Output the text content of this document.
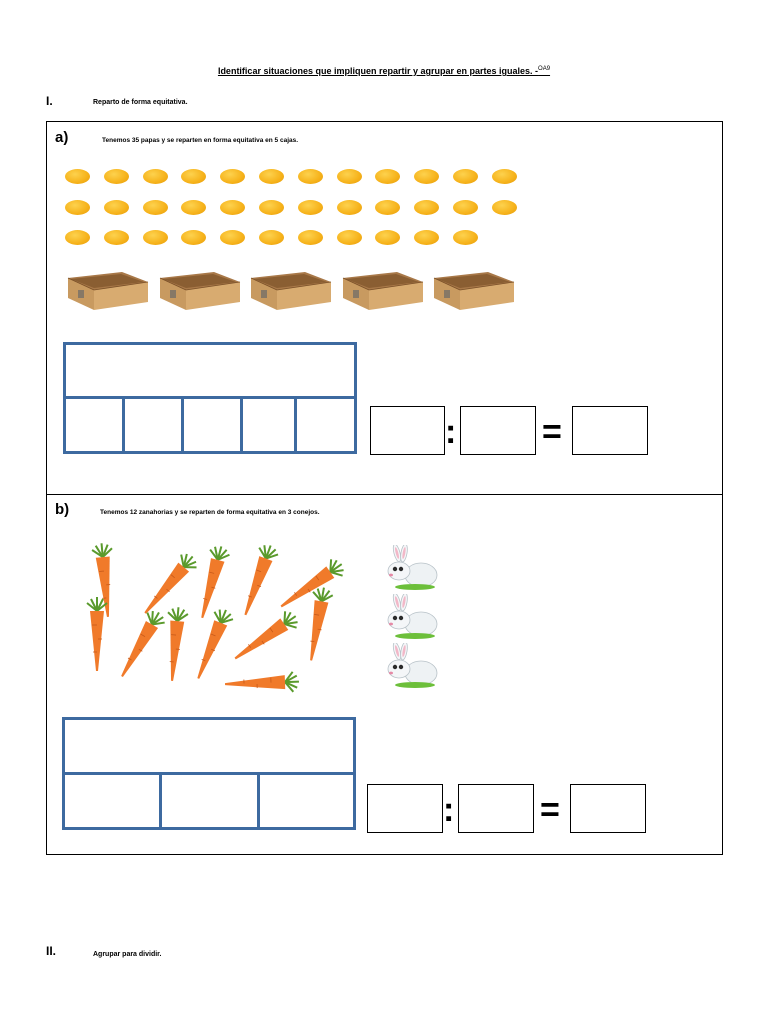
Identificar situaciones que impliquen repartir y agrupar en partes iguales. -$^{OA9}$
I.	Reparto de forma equitativa.
a)	Tenemos 35 papas y se reparten en forma equitativa en 5 cajas.
:	=
b)	Tenemos 12 zanahorias y se reparten de forma equitativa en 3 conejos.
:	=
II.	Agrupar para dividir.
